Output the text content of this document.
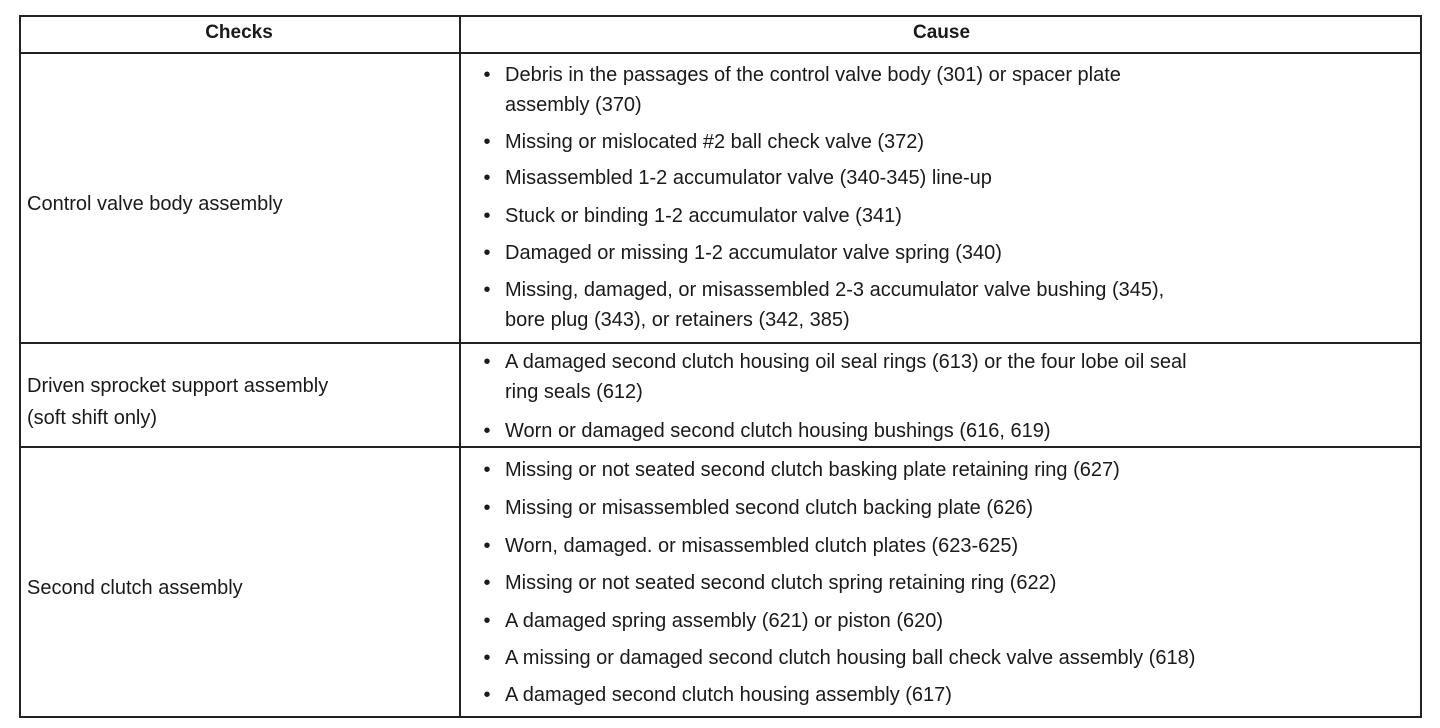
Checks	Cause
Control valve body assembly
• Debris in the passages of the control valve body (301) or spacer plate
assembly (370)
• Missing or mislocated #2 ball check valve (372)
• Misassembled 1-2 accumulator valve (340-345) line-up
• Stuck or binding 1-2 accumulator valve (341)
• Damaged or missing 1-2 accumulator valve spring (340)
• Missing, damaged, or misassembled 2-3 accumulator valve bushing (345),
bore plug (343), or retainers (342, 385)
Driven sprocket support assembly
(soft shift only)
• A damaged second clutch housing oil seal rings (613) or the four lobe oil seal
ring seals (612)
• Worn or damaged second clutch housing bushings (616, 619)
Second clutch assembly
• Missing or not seated second clutch basking plate retaining ring (627)
• Missing or misassembled second clutch backing plate (626)
• Worn, damaged. or misassembled clutch plates (623-625)
• Missing or not seated second clutch spring retaining ring (622)
• A damaged spring assembly (621) or piston (620)
• A missing or damaged second clutch housing ball check valve assembly (618)
• A damaged second clutch housing assembly (617)
